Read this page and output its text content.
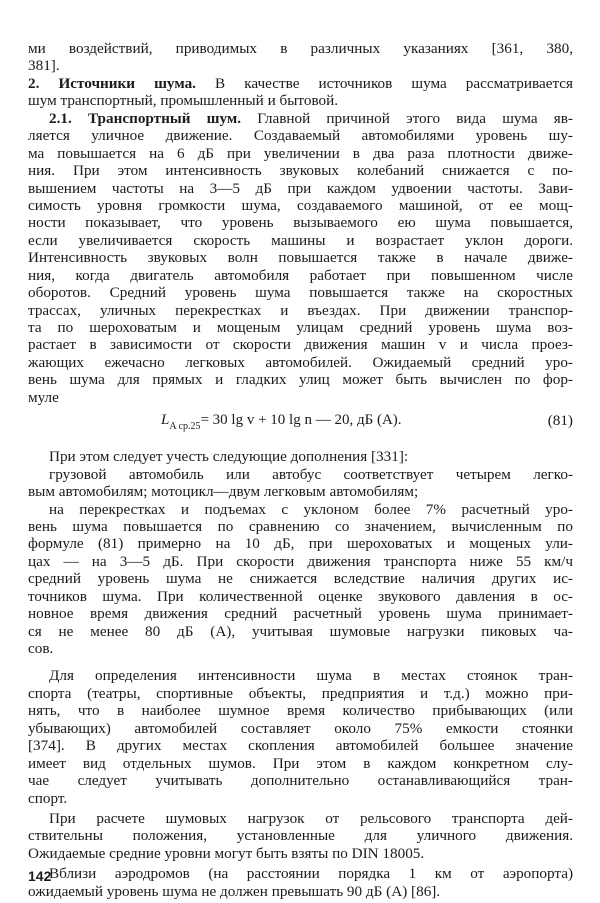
ми воздействий, приводимых в различных указаниях [361, 380,
381].
2. Источники шума. В качестве источников шума рассматривается
шум транспортный, промышленный и бытовой.
2.1. Транспортный шум. Главной причиной этого вида шума яв-
ляется уличное движение. Создаваемый автомобилями уровень шу-
ма повышается на 6 дБ при увеличении в два раза плотности движе-
ния. При этом интенсивность звуковых колебаний снижается с по-
вышением частоты на 3—5 дБ при каждом удвоении частоты. Зави-
симость уровня громкости шума, создаваемого машиной, от ее мощ-
ности показывает, что уровень вызываемого ею шума повышается,
если увеличивается скорость машины и возрастает уклон дороги.
Интенсивность звуковых волн повышается также в начале движе-
ния, когда двигатель автомобиля работает при повышенном числе
оборотов. Средний уровень шума повышается также на скоростных
трассах, уличных перекрестках и въездах. При движении транспор-
та по шероховатым и мощеным улицам средний уровень шума воз-
растает в зависимости от скорости движения машин v и числа проез-
жающих ежечасно легковых автомобилей. Ожидаемый средний уро-
вень шума для прямых и гладких улиц может быть вычислен по фор-
муле
$L_{A ср.25}= 30$ lg v + 10 lg n — 20, дБ (А).	(81)
При этом следует учесть следующие дополнения [331]:
грузовой автомобиль или автобус соответствует четырем легко-
вым автомобилям; мотоцикл—двум легковым автомобилям;
на перекрестках и подъемах с уклоном более 7% расчетный уро-
вень шума повышается по сравнению со значением, вычисленным по
формуле (81) примерно на 10 дБ, при шероховатых и мощеных ули-
цах — на 3—5 дБ. При скорости движения транспорта ниже 55 км/ч
средний уровень шума не снижается вследствие наличия других ис-
точников шума. При количественной оценке звукового давления в ос-
новное время движения средний расчетный уровень шума принимает-
ся не менее 80 дБ (А), учитывая шумовые нагрузки пиковых ча-
сов.
Для определения интенсивности шума в местах стоянок тран-
спорта (театры, спортивные объекты, предприятия и т.д.) можно при-
нять, что в наиболее шумное время количество прибывающих (или
убывающих) автомобилей составляет около 75% емкости стоянки
[374]. В других местах скопления автомобилей большее значение
имеет вид отдельных шумов. При этом в каждом конкретном слу-
чае следует учитывать дополнительно останавливающийся тран-
спорт.
При расчете шумовых нагрузок от рельсового транспорта дей-
ствительны положения, установленные для уличного движения.
Ожидаемые средние уровни могут быть взяты по DIN 18005.
Вблизи аэродромов (на расстоянии порядка 1 км от аэропорта)
ожидаемый уровень шума не должен превышать 90 дБ (А) [86].
142
